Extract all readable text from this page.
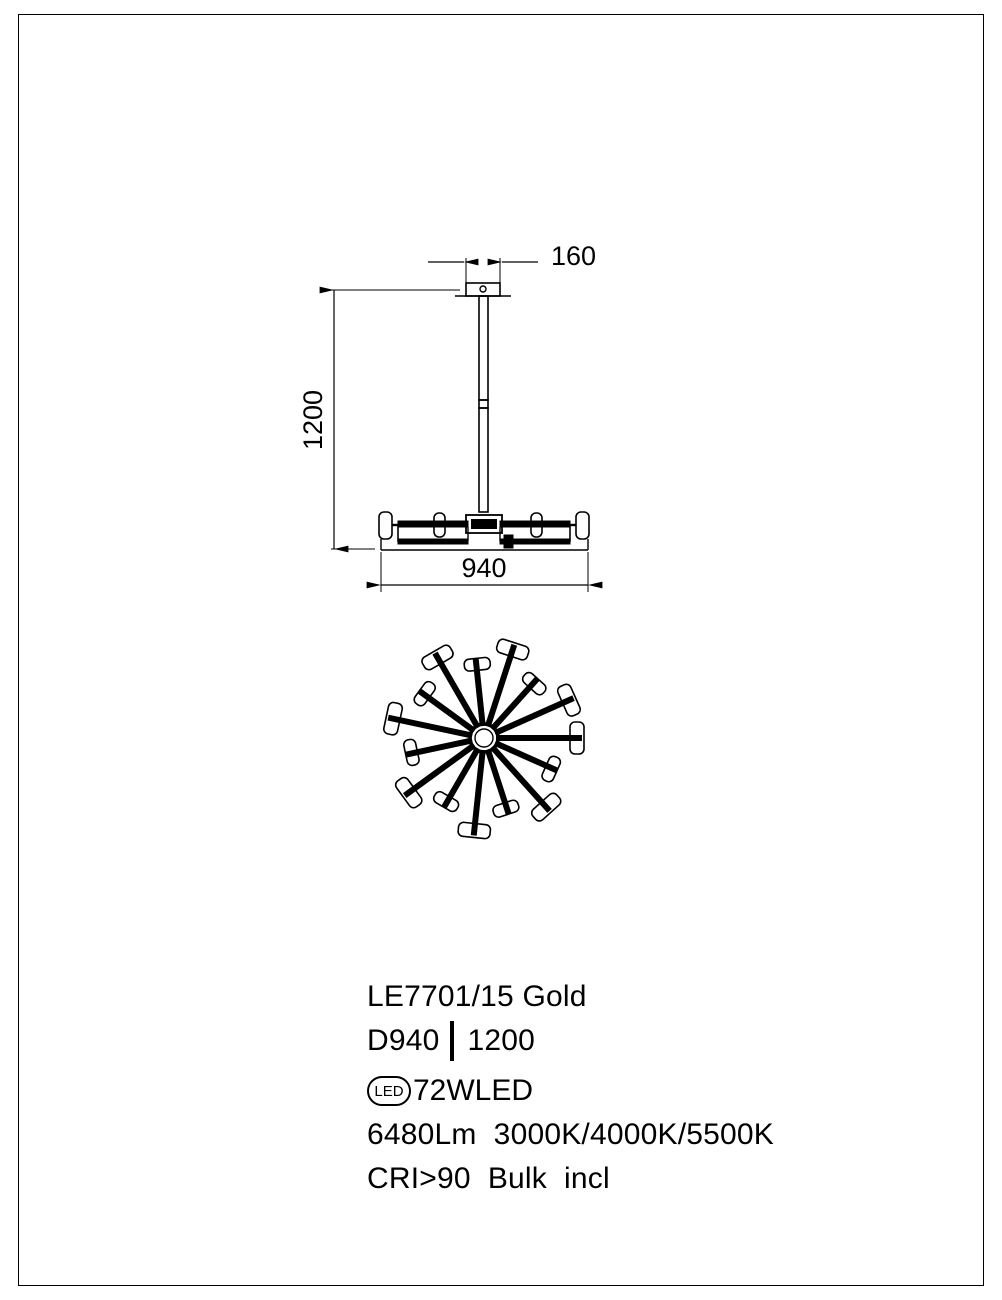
160
1200
940
LE7701/15 Gold
D940 1200
LED 72WLED
6480Lm  3000K/4000K/5500K
CRI>90  Bulk  incl
